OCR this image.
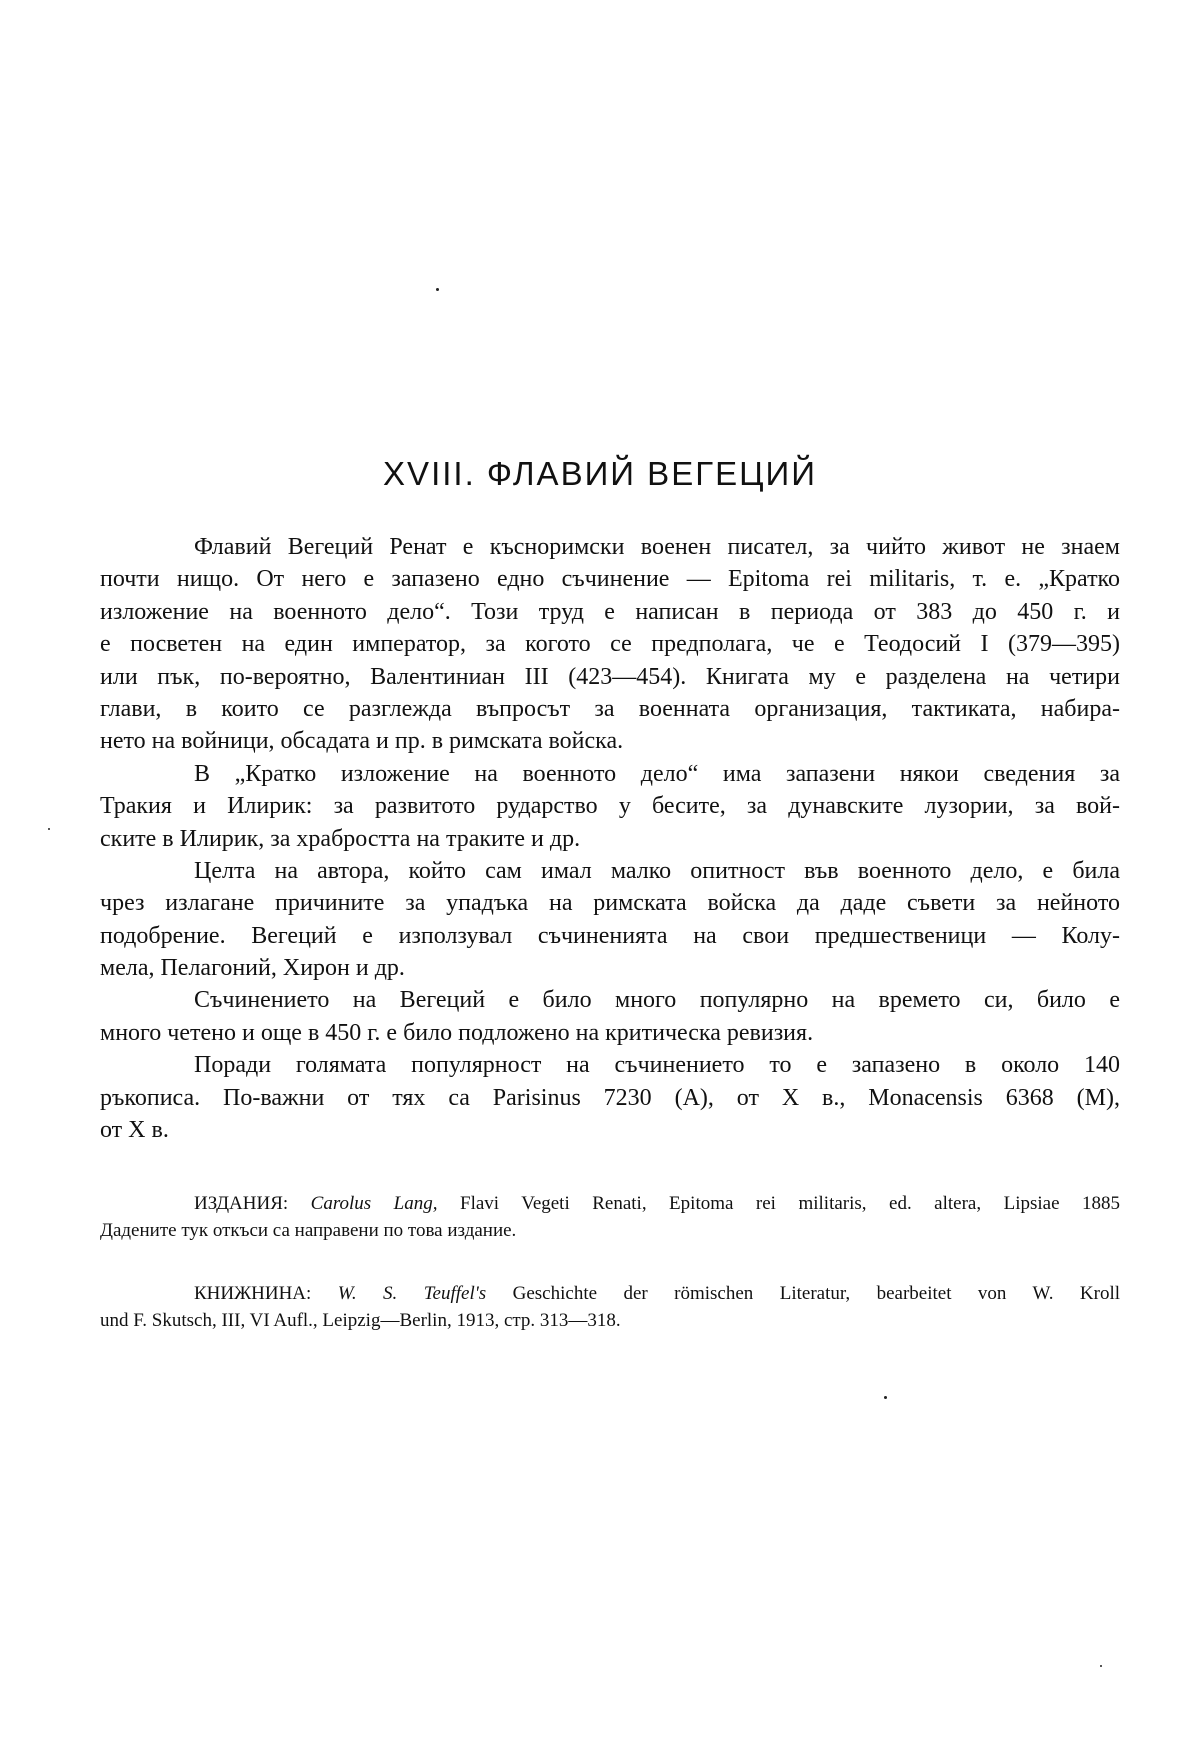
XVIII. ФЛАВИЙ ВЕГЕЦИЙ
Флавий Вегеций Ренат е къснoримски военен писател, за чийто живот не знаем
почти нищо. От него е запазено едно съчинение — Epitoma rei militaris, т. е. „Кратко
изложение на военното дело“. Този труд е написан в периода от 383 до 450 г. и
е посветен на един император, за когото се предполага, че е Теодосий I (379—395)
или пък, по-вероятно, Валентиниан III (423—454). Книгата му е разделена на четири
глави, в които се разглежда въпросът за военната организация, тактиката, набира-
нето на войници, обсадата и пр. в римската войска.
В „Кратко изложение на военното дело“ има запазени някои сведения за
Тракия и Илирик: за развитото рударство у бесите, за дунавските лузории, за вой-
ските в Илирик, за храбростта на траките и др.
Целта на автора, който сам имал малко опитност във военното дело, е била
чрез излагане причините за упадъка на римската войска да даде съвети за нейното
подобрение. Вегеций е използувал съчиненията на свои предшественици — Колу-
мела, Пелагоний, Хирон и др.
Съчинението на Вегеций е било много популярно на времето си, било е
много четено и още в 450 г. е било подложено на критическа ревизия.
Поради голямата популярност на съчинението то е запазено в около 140
ръкописа. По-важни от тях са Parisinus 7230 (A), от X в., Monacensis 6368 (M),
от X в.
ИЗДАНИЯ: Carolus Lang, Flavi Vegeti Renati, Epitoma rei militaris, ed. altera, Lipsiae 1885
Дадените тук откъси са направени по това издание.
КНИЖНИНА: W. S. Teuffel's Geschichte der römischen Literatur, bearbeitet von W. Kroll
und F. Skutsch, III, VI Aufl., Leipzig—Berlin, 1913, стр. 313—318.
